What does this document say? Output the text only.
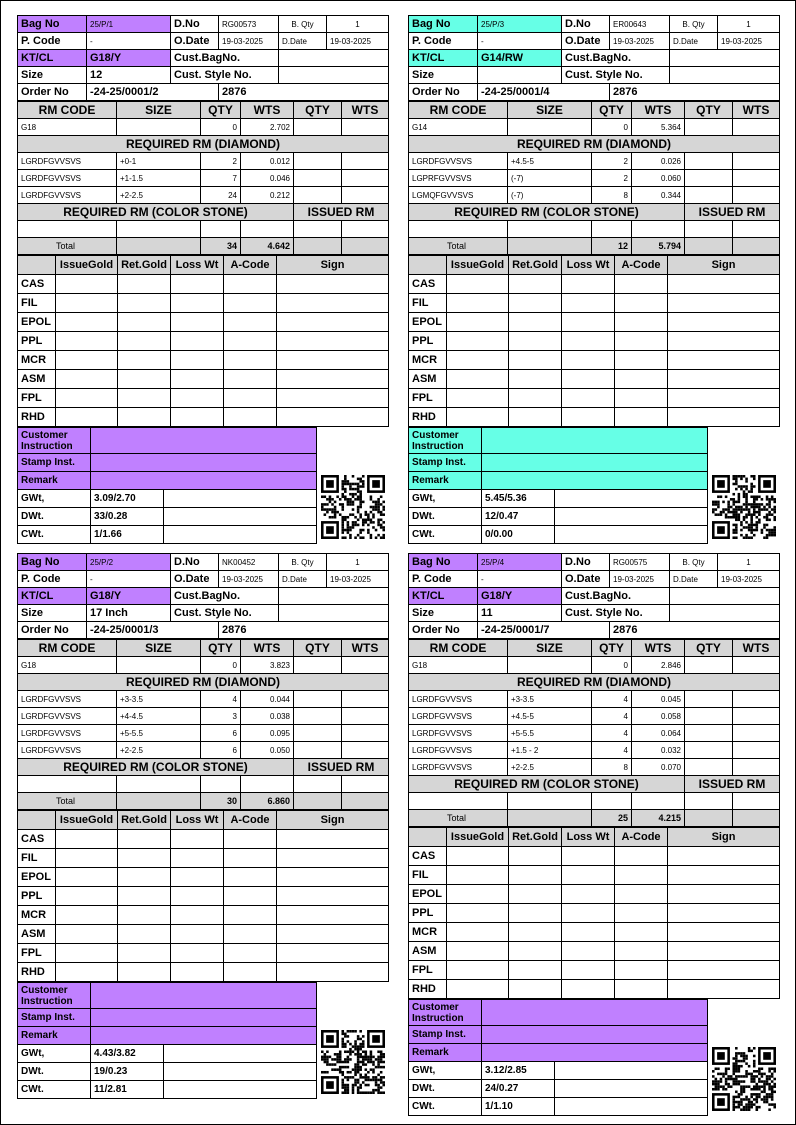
Bag No	25/P/1	D.No	RG00573	B. Qty	1
P. Code	-	O.Date	19-03-2025	D.Date	19-03-2025
KT/CL	G18/Y	Cust.BagNo.			
Size	12	Cust. Style No.			
Order No	-24-25/0001/2		2876		
RM CODE	SIZE	QTY	WTS	QTY	WTS
G18		0	2.702		
REQUIRED RM (DIAMOND)					
LGRDFGVVSVS	+0-1	2	0.012		
LGRDFGVVSVS	+1-1.5	7	0.046		
LGRDFGVVSVS	+2-2.5	24	0.212		
REQUIRED RM (COLOR STONE)				ISSUED RM	

Total		34	4.642		
	IssueGold	Ret.Gold	Loss Wt	A-Code	Sign
CAS					
FIL					
EPOL					
PPL					
MCR					
ASM					
FPL					
RHD					
Customer Instruction		
Stamp Inst.		
Remark		
GWt,	3.09/2.70	
DWt.	33/0.28	
CWt.	1/1.66	
Bag No	25/P/3	D.No	ER00643	B. Qty	1
P. Code	-	O.Date	19-03-2025	D.Date	19-03-2025
KT/CL	G14/RW	Cust.BagNo.			
Size		Cust. Style No.			
Order No	-24-25/0001/4		2876		
RM CODE	SIZE	QTY	WTS	QTY	WTS
G14		0	5.364		
REQUIRED RM (DIAMOND)					
LGRDFGVVSVS	+4.5-5	2	0.026		
LGPRFGVVSVS	(-7)	2	0.060		
LGMQFGVVSVS	(-7)	8	0.344		
REQUIRED RM (COLOR STONE)				ISSUED RM	

Total		12	5.794		
	IssueGold	Ret.Gold	Loss Wt	A-Code	Sign
CAS					
FIL					
EPOL					
PPL					
MCR					
ASM					
FPL					
RHD					
Customer Instruction		
Stamp Inst.		
Remark		
GWt,	5.45/5.36	
DWt.	12/0.47	
CWt.	0/0.00	
Bag No	25/P/2	D.No	NK00452	B. Qty	1
P. Code	-	O.Date	19-03-2025	D.Date	19-03-2025
KT/CL	G18/Y	Cust.BagNo.			
Size	17 Inch	Cust. Style No.			
Order No	-24-25/0001/3		2876		
RM CODE	SIZE	QTY	WTS	QTY	WTS
G18		0	3.823		
REQUIRED RM (DIAMOND)					
LGRDFGVVSVS	+3-3.5	4	0.044		
LGRDFGVVSVS	+4-4.5	3	0.038		
LGRDFGVVSVS	+5-5.5	6	0.095		
LGRDFGVVSVS	+2-2.5	6	0.050		
REQUIRED RM (COLOR STONE)				ISSUED RM	

Total		30	6.860		
	IssueGold	Ret.Gold	Loss Wt	A-Code	Sign
CAS					
FIL					
EPOL					
PPL					
MCR					
ASM					
FPL					
RHD					
Customer Instruction		
Stamp Inst.		
Remark		
GWt,	4.43/3.82	
DWt.	19/0.23	
CWt.	11/2.81	
Bag No	25/P/4	D.No	RG00575	B. Qty	1
P. Code	-	O.Date	19-03-2025	D.Date	19-03-2025
KT/CL	G18/Y	Cust.BagNo.			
Size	11	Cust. Style No.			
Order No	-24-25/0001/7		2876		
RM CODE	SIZE	QTY	WTS	QTY	WTS
G18		0	2.846		
REQUIRED RM (DIAMOND)					
LGRDFGVVSVS	+3-3.5	4	0.045		
LGRDFGVVSVS	+4.5-5	4	0.058		
LGRDFGVVSVS	+5-5.5	4	0.064		
LGRDFGVVSVS	+1.5 - 2	4	0.032		
LGRDFGVVSVS	+2-2.5	8	0.070		
REQUIRED RM (COLOR STONE)				ISSUED RM	

Total		25	4.215		
	IssueGold	Ret.Gold	Loss Wt	A-Code	Sign
CAS					
FIL					
EPOL					
PPL					
MCR					
ASM					
FPL					
RHD					
Customer Instruction		
Stamp Inst.		
Remark		
GWt,	3.12/2.85	
DWt.	24/0.27	
CWt.	1/1.10	
